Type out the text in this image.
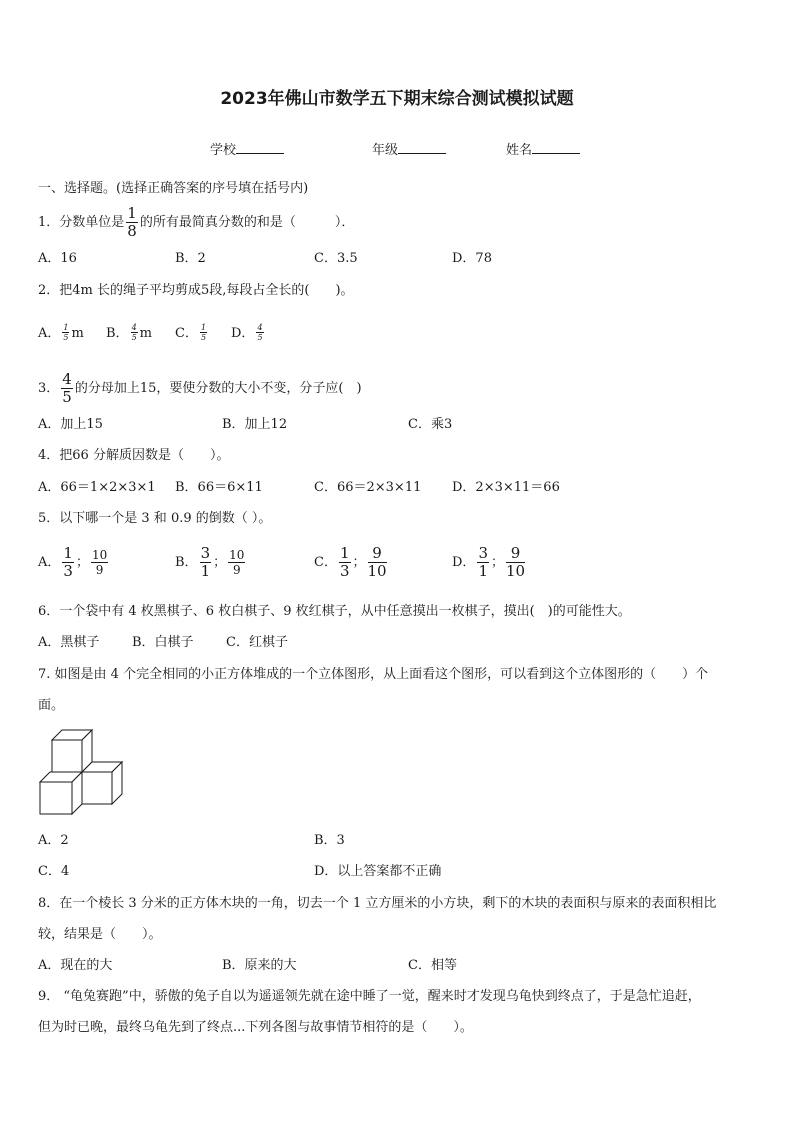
2023年佛山市数学五下期末综合测试模拟试题
学校	年级	姓名
一、选择题。(选择正确答案的序号填在括号内)
1．分数单位是 $\frac{1}{8}$ 的所有最简真分数的和是（　　　）．
A．16	B．2	C．3.5	D．78
2．把4m 长的绳子平均剪成5段,每段占全长的(　　)。
A． $\frac{1}{5}$ m B． $\frac{4}{5}$ m C． $\frac{1}{5}$ D． $\frac{4}{5}$
3． $\frac{4}{5}$ 的分母加上15，要使分数的大小不变，分子应(　)
A．加上15	B．加上12	C．乘3
4．把66 分解质因数是（　　）。
A．66＝1×2×3×1 B．66＝6×11	C．66＝2×3×11 D．2×3×11＝66
5．以下哪一个是 3 和 0.9 的倒数（ ）。
A． $\frac{1}{3}$ ； $\frac{10}{9}$	B． $\frac{3}{1}$ ； $\frac{10}{9}$	C． $\frac{1}{3}$ ； $\frac{9}{10}$	D． $\frac{3}{1}$ ； $\frac{9}{10}$
6．一个袋中有 4 枚黑棋子、6 枚白棋子、9 枚红棋子，从中任意摸出一枚棋子，摸出(　)的可能性大。
A．黑棋子	B．白棋子 C．红棋子
7. 如图是由 4 个完全相同的小正方体堆成的一个立体图形，从上面看这个图形，可以看到这个立体图形的（　　）个
面。
A．2	B．3
C．4	D．以上答案都不正确
8．在一个棱长 3 分米的正方体木块的一角，切去一个 1 立方厘米的小方块，剩下的木块的表面积与原来的表面积相比
较，结果是（　　）。
A．现在的大	B．原来的大	C．相等
9． “龟兔赛跑”中，骄傲的兔子自以为遥遥领先就在途中睡了一觉，醒来时才发现乌龟快到终点了，于是急忙追赶，
但为时已晚，最终乌龟先到了终点...下列各图与故事情节相符的是（　　）。
